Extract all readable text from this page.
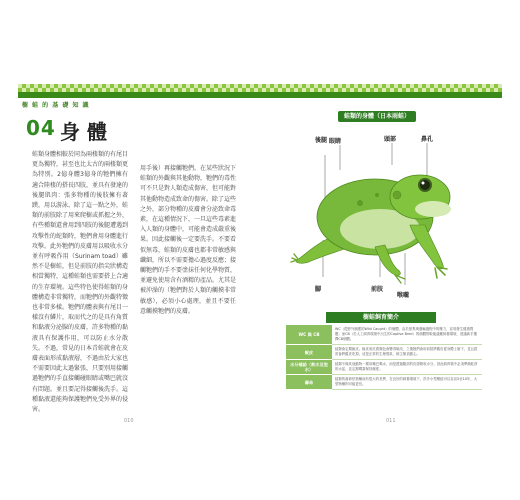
樹 蛙 的 基 礎 知 識
04 身 體
蛙類身體相較於同為兩棲類的有尾目更為獨特，甚至也比太古的兩棲類更為特別。2億身體3億身的牠們擁有適合陸棲的搭長四肢，並具有發達的後腿肌肉：張多物種的後肢擁有著蹼，用以游泳。除了這一點之外，蛙類的前肢除了用來爬樹或抓握之外，有些種類還會用到四肢的後腿遭遇到攻擊性的蛇類時，牠們會用身體進行攻擊。此外牠們的皮膚用以吸收水分並有呼吸作用（Surinam toad）雖然不是樹蛙，但是前肢的指尖狀構造相當獨特，這種蛙類也需要搭上合適的生存環境。這些特色使得蛙類的身體構造非常獨特，而牠們的外觀特徵也非常多樣。牠們的體表與有尾目一樣沒有鱗片，取而代之的是具有角質和黏液分泌腺的皮膚，許多物種的黏液具有保護作用，可以防止水分散失。不過，常見的日本青蛙就會在皮膚表面形成黏液層，不過由於大家也不需要因此太過緊張，只要別用接觸過牠們的手直接觸碰眼睛或嘴巴就沒有問題。並且要記得接觸後洗手。這種黏液還能夠保護牠們免受外界的侵害。
用手後）再接觸牠們。在某些狀況下蛙類的外觀與其他動物，牠們的毒性可不只是對人類造成傷害，但可能對其他動物造成致命的傷害。除了這些之外，部分物種的皮膚會分泌致命毒素，在這種情況下，一旦這些毒素進入人類的身體中，可能會造成嚴重後果。因此接觸後一定要洗手。不要看似無毒，蛙類的皮膚也都非常敏感與纖細，所以不需要擔心過度反應；接觸牠們的手不要塗抹任何化學物質，並避免使用含有酒精的產品。尤其是被沖澡的（牠們對於人類的觸摸非常敏感），必須小心處理，並且不要任意觸摸牠們的皮膚。
010	011
蛙類的身體（日本雨蛙）
後腿 眼睛	頭部	鼻孔
腳	前肢
喉嚨
樹蛙飼育簡介
WC 與 CB	WC（從野外捕獲的Wild Caught）的個體，由於採集與運輸過程中的壓力，容易發生健康問題；而CB（於人工飼育環境中出生的Captive Bred）的個體則較能適應飼養環境，建議新手選擇CB個體。
蛻皮	蛙類會定期蛻皮。蛻皮前皮膚顏色會變得暗淡，之後牠們會用前肢將舊皮從身體上剝下，並且經常會將舊皮吃掉。這是正常的生理現象，飼主無須擔心。
水分補給（飲水及泡水）	蛙類不像其他動物一樣用嘴巴喝水，而是透過腹部的皮膚吸收水分。因此飼育箱中必須準備乾淨的水盆，並定期噴霧保持濕度。
壽命	蛙類的壽命依物種而有很大的差異，在良好的飼養環境下，許多小型樹蛙可以存活5至10年，大型物種則可能更長。
